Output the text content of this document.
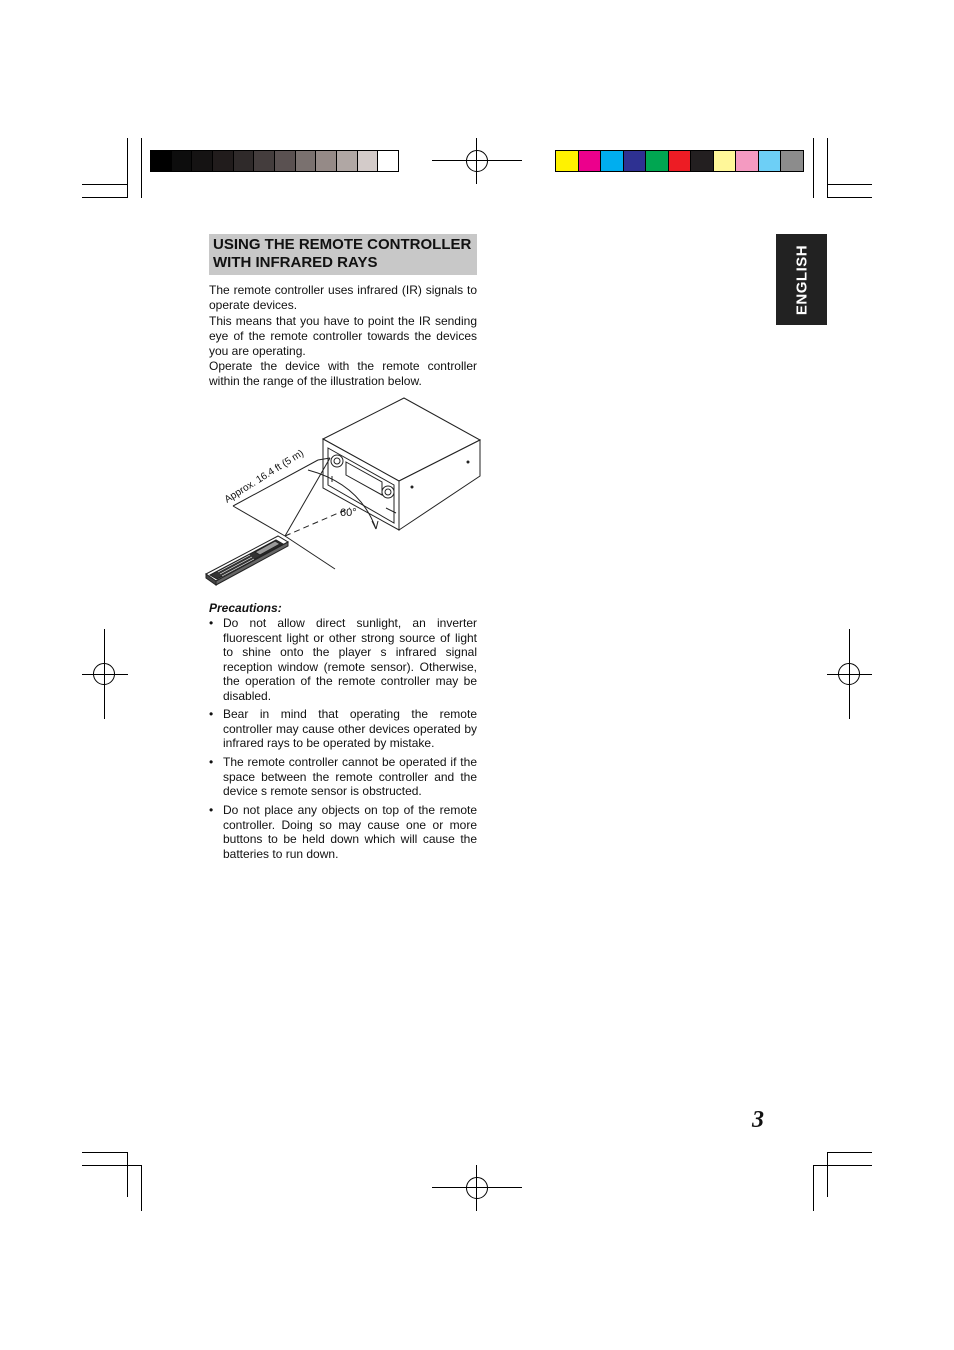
USING THE REMOTE CONTROLLER
WITH INFRARED RAYS
The remote controller uses infrared (IR) signals to operate devices.
This means that you have to point the IR sending eye of the remote controller towards the devices you are operating.
Operate the device with the remote controller within the range of the illustration below.
Approx. 16.4 ft (5 m)
60°
Precautions:
• Do not allow direct sunlight, an inverter fluorescent light or other strong source of light to shine onto the player s infrared signal reception window (remote sensor). Otherwise, the operation of the remote controller may be disabled.
• Bear in mind that operating the remote controller may cause other devices operated by infrared rays to be operated by mistake.
• The remote controller cannot be operated if the space between the remote controller and the device s remote sensor is obstructed.
• Do not place any objects on top of the remote controller. Doing so may cause one or more buttons to be held down which will cause the batteries to run down.
ENGLISH
3
